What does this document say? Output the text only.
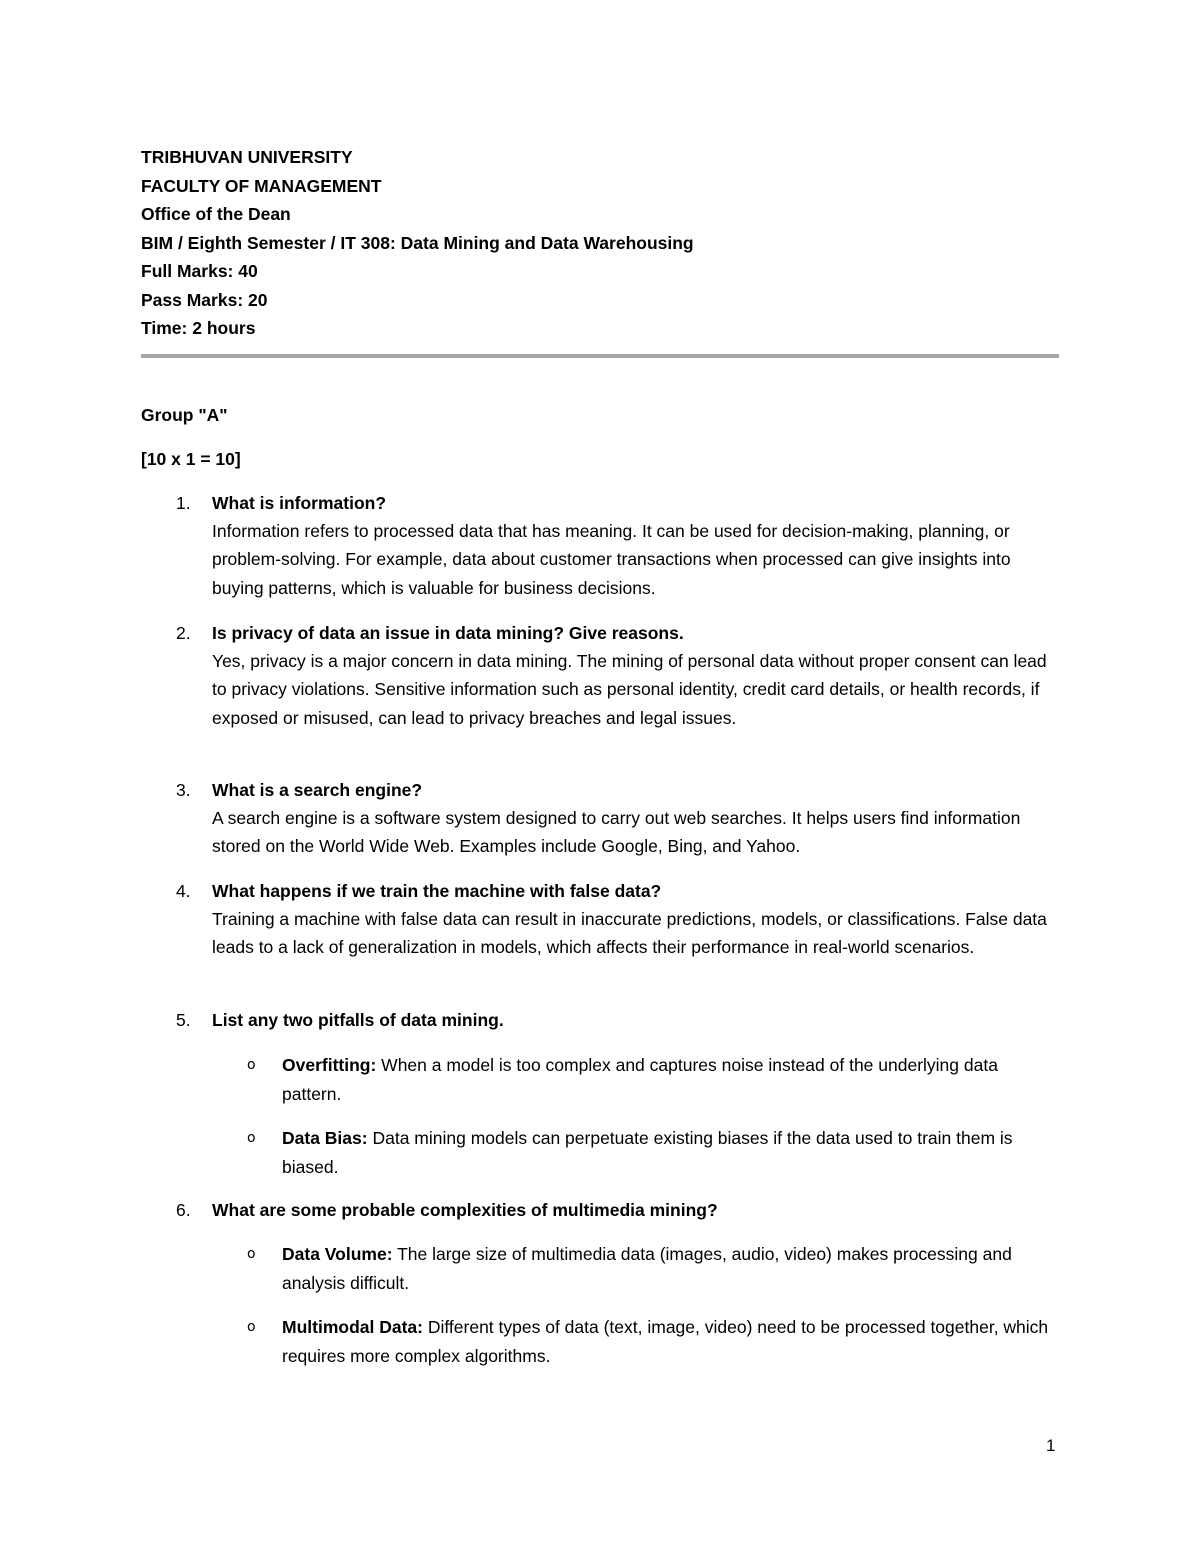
TRIBHUVAN UNIVERSITY
FACULTY OF MANAGEMENT
Office of the Dean
BIM / Eighth Semester / IT 308: Data Mining and Data Warehousing
Full Marks: 40
Pass Marks: 20
Time: 2 hours
Group "A"
[10 x 1 = 10]
1. What is information?
Information refers to processed data that has meaning. It can be used for decision-making, planning, or problem-solving. For example, data about customer transactions when processed can give insights into buying patterns, which is valuable for business decisions.
2. Is privacy of data an issue in data mining? Give reasons.
Yes, privacy is a major concern in data mining. The mining of personal data without proper consent can lead to privacy violations. Sensitive information such as personal identity, credit card details, or health records, if exposed or misused, can lead to privacy breaches and legal issues.
3. What is a search engine?
A search engine is a software system designed to carry out web searches. It helps users find information stored on the World Wide Web. Examples include Google, Bing, and Yahoo.
4. What happens if we train the machine with false data?
Training a machine with false data can result in inaccurate predictions, models, or classifications. False data leads to a lack of generalization in models, which affects their performance in real-world scenarios.
5. List any two pitfalls of data mining.
o Overfitting: When a model is too complex and captures noise instead of the underlying data pattern.
o Data Bias: Data mining models can perpetuate existing biases if the data used to train them is biased.
6. What are some probable complexities of multimedia mining?
o Data Volume: The large size of multimedia data (images, audio, video) makes processing and analysis difficult.
o Multimodal Data: Different types of data (text, image, video) need to be processed together, which requires more complex algorithms.
1
